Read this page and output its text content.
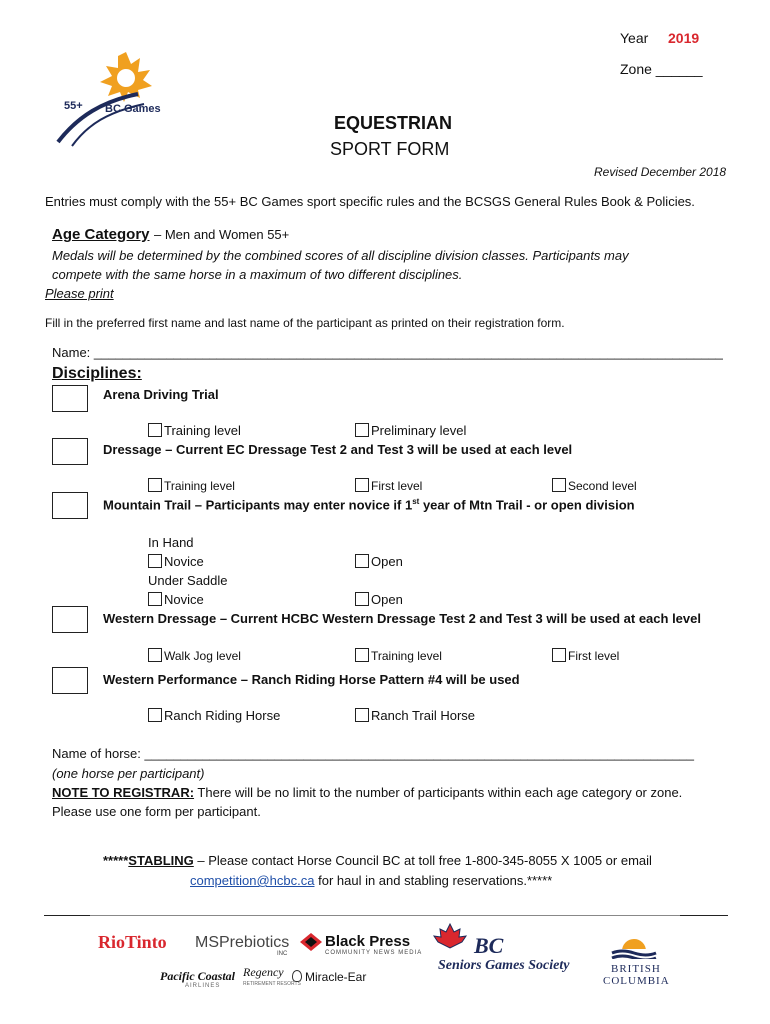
Year 2019
Zone ______
55+ BC Games
EQUESTRIAN
SPORT FORM
Revised December 2018
Entries must comply with the 55+ BC Games sport specific rules and the BCSGS General Rules Book & Policies.
Age Category – Men and Women 55+
Medals will be determined by the combined scores of all discipline division classes. Participants may
compete with the same horse in a maximum of two different disciplines.
Please print
Fill in the preferred first name and last name of the participant as printed on their registration form.
Name: _______________________________________________________________________________________
Disciplines:
Arena Driving Trial
Training level	Preliminary level
Dressage – Current EC Dressage Test 2 and Test 3 will be used at each level
Training level	First level	Second level
Mountain Trail – Participants may enter novice if 1st year of Mtn Trail - or open division
In Hand
Novice	Open
Under Saddle
Novice	Open
Western Dressage – Current HCBC Western Dressage Test 2 and Test 3 will be used at each level
Walk Jog level	Training level	First level
Western Performance – Ranch Riding Horse Pattern #4 will be used
Ranch Riding Horse	Ranch Trail Horse
Name of horse: ____________________________________________________________________________
(one horse per participant)
NOTE TO REGISTRAR: There will be no limit to the number of participants within each age category or zone.
Please use one form per participant.
*****STABLING – Please contact Horse Council BC at toll free 1-800-345-8055 X 1005 or email
competition@hcbc.ca for haul in and stabling reservations.*****
RioTinto MSPrebiotics
INC
Black Press
COMMUNITY NEWS MEDIA BC
Seniors Games Society	BRITISH
COLUMBIA
Pacific Coastal
AIRLINES
Regency
RETIREMENT RESORTS Miracle-Ear
